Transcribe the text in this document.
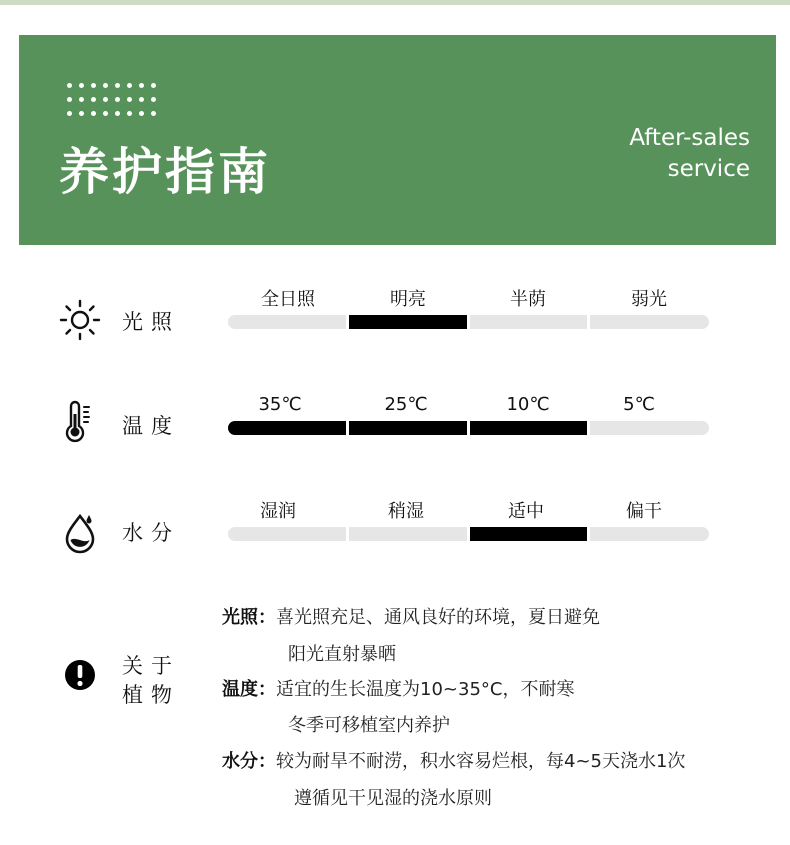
养护指南
After-sales
service
光照
全日照	明亮	半荫	弱光
温度
35℃	25℃	10℃	5℃
水分
湿润	稍湿	适中	偏干
关于
植物
光照：喜光照充足、通风良好的环境，夏日避免
阳光直射暴晒
温度：适宜的生长温度为10~35°C，不耐寒
冬季可移植室内养护
水分：较为耐旱不耐涝，积水容易烂根，每4~5天浇水1次
遵循见干见湿的浇水原则
